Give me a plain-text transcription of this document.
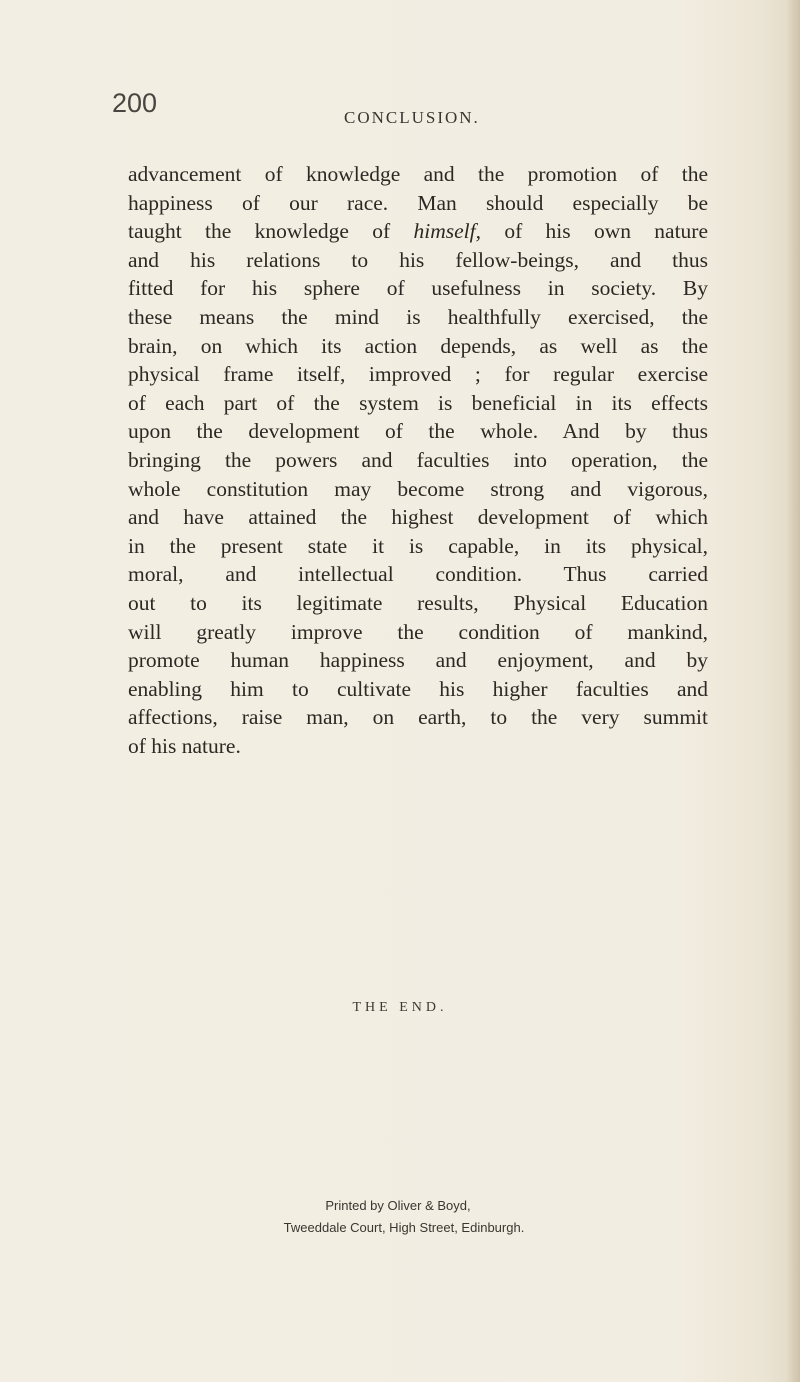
200	CONCLUSION.
advancement of knowledge and the promotion of the
happiness of our race. Man should especially be
taught the knowledge of himself, of his own nature
and his relations to his fellow-beings, and thus
fitted for his sphere of usefulness in society. By
these means the mind is healthfully exercised, the
brain, on which its action depends, as well as the
physical frame itself, improved ; for regular exercise
of each part of the system is beneficial in its effects
upon the development of the whole. And by thus
bringing the powers and faculties into operation, the
whole constitution may become strong and vigorous,
and have attained the highest development of which
in the present state it is capable, in its physical,
moral, and intellectual condition. Thus carried
out to its legitimate results, Physical Education
will greatly improve the condition of mankind,
promote human happiness and enjoyment, and by
enabling him to cultivate his higher faculties and
affections, raise man, on earth, to the very summit
of his nature.
THE END.
Printed by Oliver & Boyd,
Tweeddale Court, High Street, Edinburgh.
